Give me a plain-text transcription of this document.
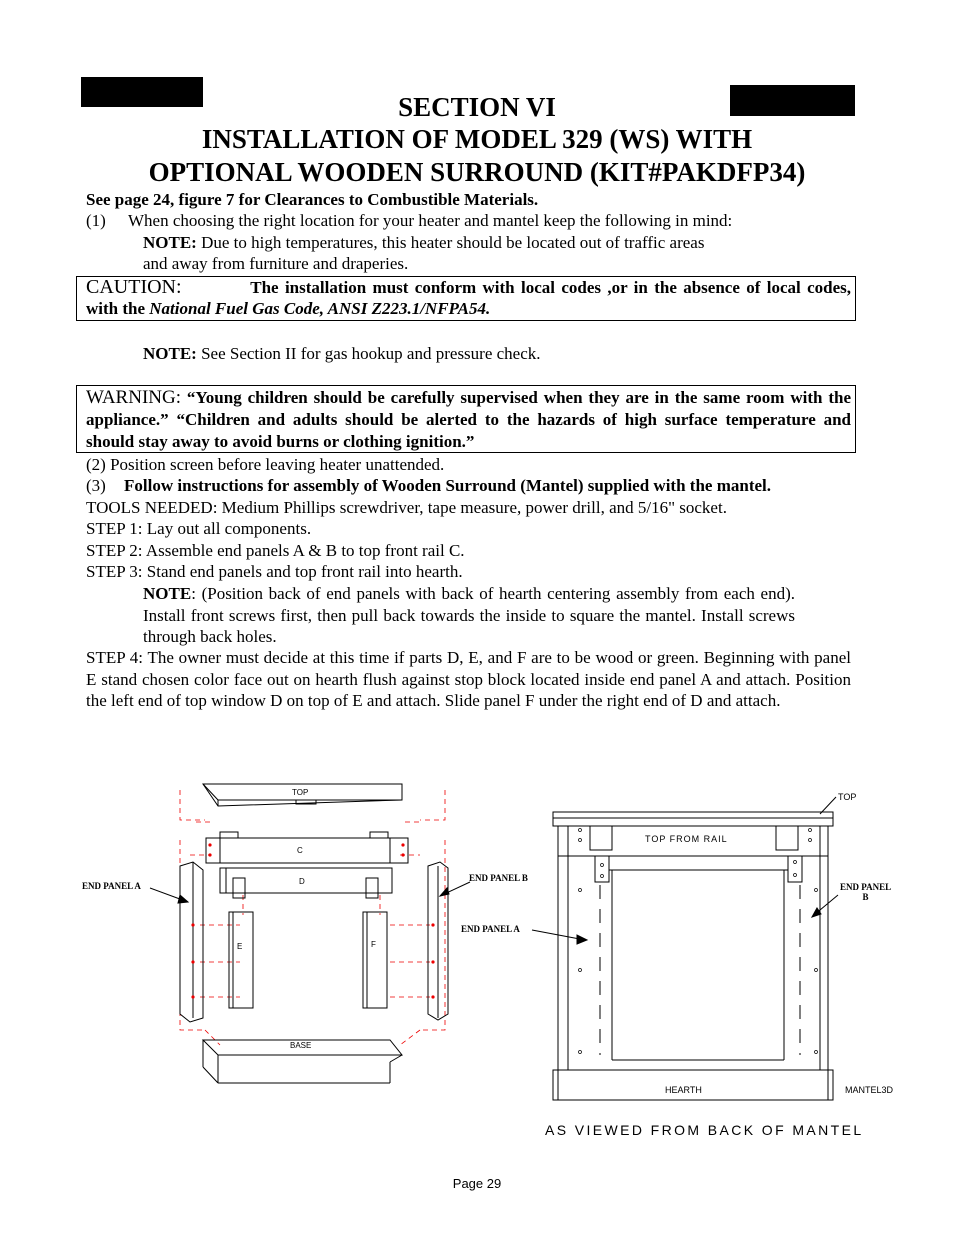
SECTION VI
INSTALLATION OF MODEL 329 (WS) WITH
OPTIONAL WOODEN SURROUND (KIT#PAKDFP34)
See page 24, figure 7 for Clearances to Combustible Materials.
(1) When choosing the right location for your heater and mantel keep the following in mind:
NOTE: Due to high temperatures, this heater should be located out of traffic areas
and away from furniture and draperies.
CAUTION:	The installation must conform with local codes ,or in the absence of local codes, with the National Fuel Gas Code, ANSI Z223.1/NFPA54.
NOTE: See Section II for gas hookup and pressure check.
WARNING: “Young children should be carefully supervised when they are in the same room with the appliance.” “Children and adults should be alerted to the hazards of high surface temperature and should stay away to avoid burns or clothing ignition.”
(2) Position screen before leaving heater unattended.
(3) Follow instructions for assembly of Wooden Surround (Mantel) supplied with the mantel.
TOOLS NEEDED: Medium Phillips screwdriver, tape measure, power drill, and 5/16" socket.
STEP 1: Lay out all components.
STEP 2: Assemble end panels A & B to top front rail C.
STEP 3: Stand end panels and top front rail into hearth.
NOTE: (Position back of end panels with back of hearth centering assembly from each end). Install front screws first, then pull back towards the inside to square the mantel. Install screws through back holes.
STEP 4: The owner must decide at this time if parts D, E, and F are to be wood or green. Beginning with panel E stand chosen color face out on hearth flush against stop block located inside end panel A and attach. Position the left end of top window D on top of E and attach. Slide panel F under the right end of D and attach.
TOP
C
D
E	F
BASE
TOP
TOP FROM RAIL
HEARTH	MANTEL3D
AS VIEWED FROM BACK OF MANTEL
END PANEL A
END PANEL B
END PANEL A
END PANEL
B
Page 29
